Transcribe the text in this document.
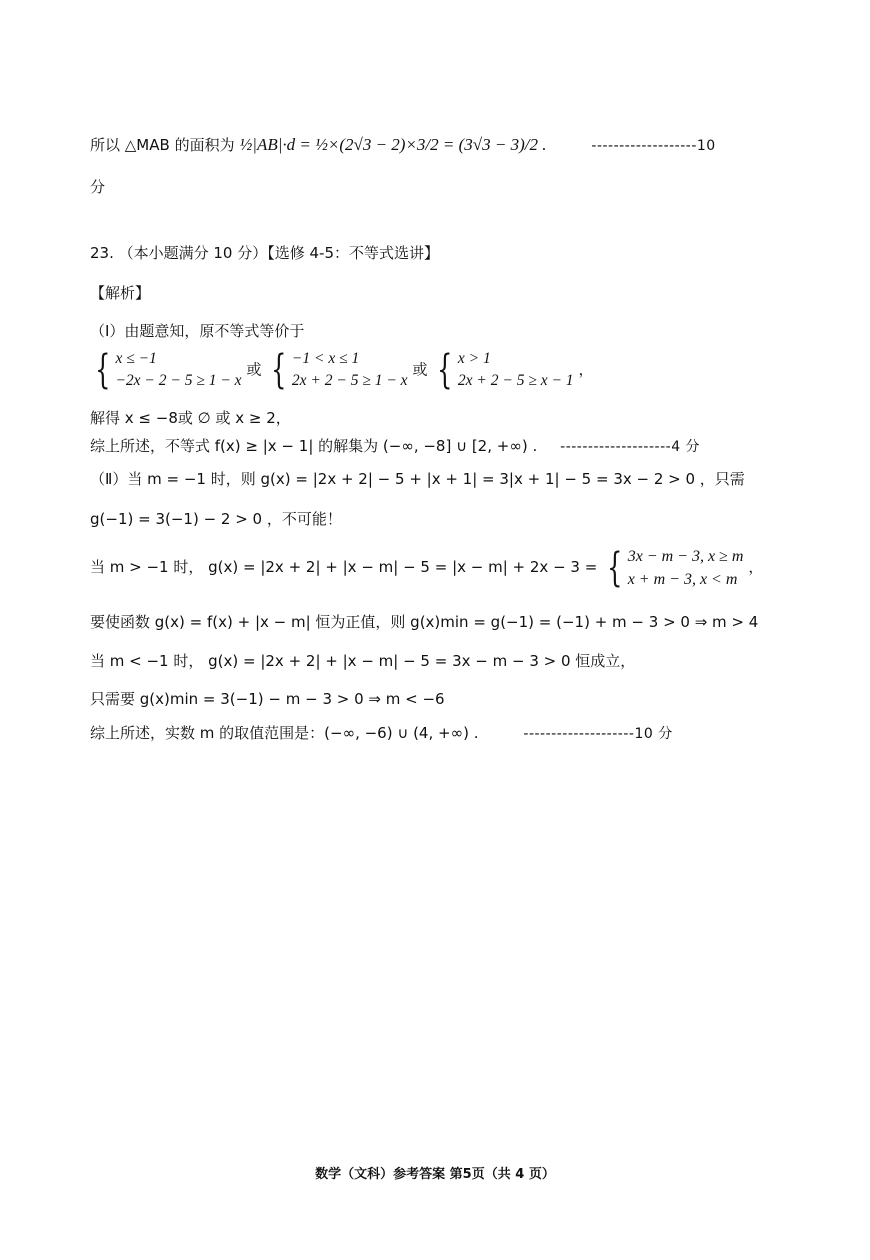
所以 △MAB 的面积为 ½|AB|·d = ½×(2√3 − 2)×3/2 = (3√3 − 3)/2 .	-------------------10
分
23. （本小题满分 10 分）【选修 4-5：不等式选讲】
【解析】
（Ⅰ）由题意知，原不等式等价于
{ x ≤ −1
−2x − 2 − 5 ≥ 1 − x
或 { −1 < x ≤ 1
2x + 2 − 5 ≥ 1 − x
或 { x > 1
2x + 2 − 5 ≥ x − 1
，
解得 x ≤ −8或 ∅ 或 x ≥ 2，
综上所述，不等式 f(x) ≥ |x − 1| 的解集为 (−∞, −8] ∪ [2, +∞) . --------------------4 分
（Ⅱ）当 m = −1 时，则 g(x) = |2x + 2| − 5 + |x + 1| = 3|x + 1| − 5 = 3x − 2 > 0 ，只需
g(−1) = 3(−1) − 2 > 0 ，不可能！
当 m > −1 时， g(x) = |2x + 2| + |x − m| − 5 = |x − m| + 2x − 3 = { 3x − m − 3, x ≥ m
x + m − 3, x < m
，
要使函数 g(x) = f(x) + |x − m| 恒为正值，则 g(x)min = g(−1) = (−1) + m − 3 > 0 ⇒ m > 4
当 m < −1 时， g(x) = |2x + 2| + |x − m| − 5 = 3x − m − 3 > 0 恒成立，
只需要 g(x)min = 3(−1) − m − 3 > 0 ⇒ m < −6
综上所述，实数 m 的取值范围是：(−∞, −6) ∪ (4, +∞) .	--------------------10 分
数学（文科）参考答案 第5页（共 4 页）
